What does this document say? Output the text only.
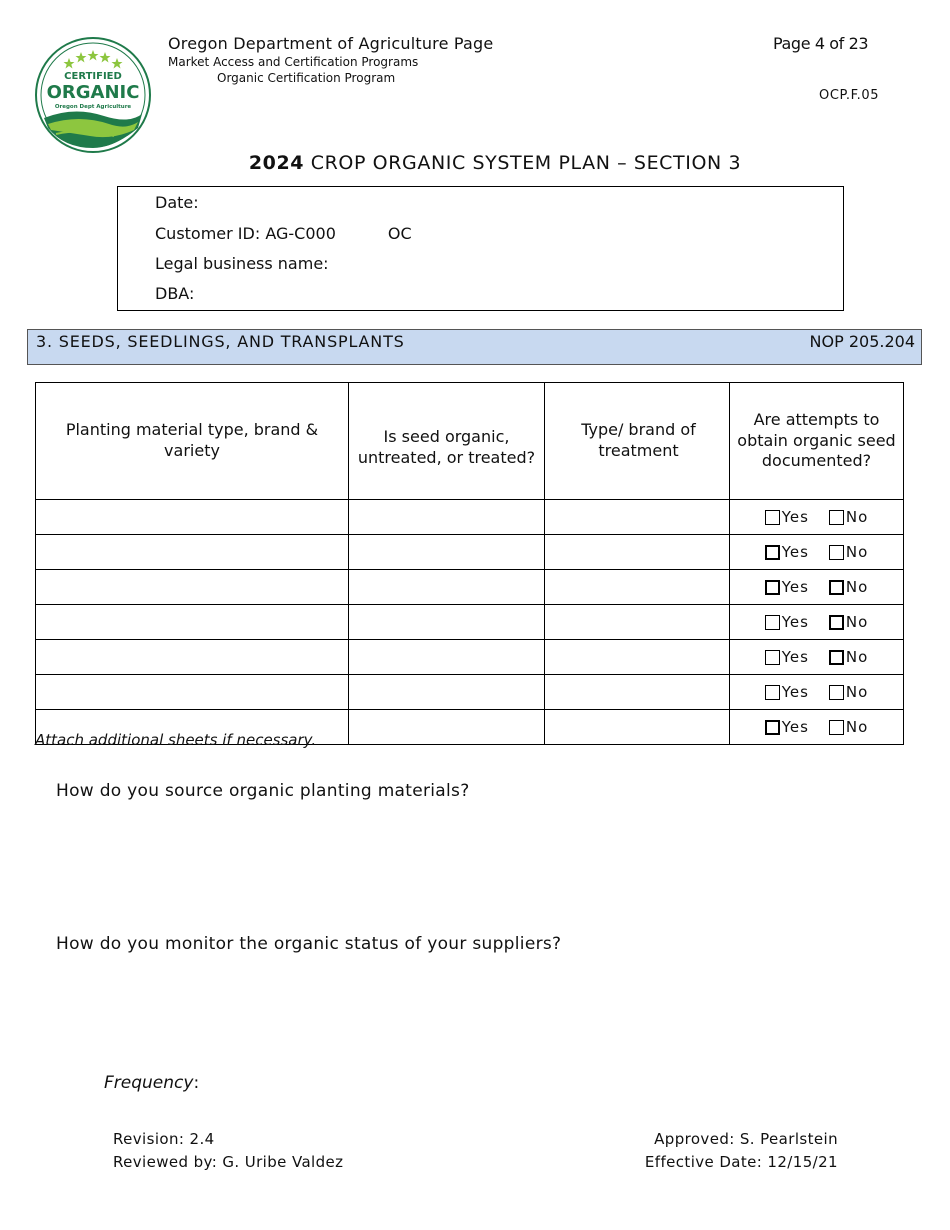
CERTIFIED
ORGANIC
Oregon Dept Agriculture
Oregon Department of Agriculture Page
Market Access and Certification Programs
Organic Certification Program
Page 4 of 23
OCP.F.05
2024 CROP ORGANIC SYSTEM PLAN – SECTION 3
Date:
Customer ID: AG-C000	OC
Legal business name:
DBA:
3. SEEDS, SEEDLINGS, AND TRANSPLANTS	NOP 205.204
Planting material type, brand & variety	Is seed organic, untreated, or treated?	Type/ brand of treatment	Are attempts to obtain organic seed documented?

			Yes No

			Yes No

			Yes No

			Yes No

			Yes No

			Yes No

			Yes No
Attach additional sheets if necessary.
How do you source organic planting materials?
How do you monitor the organic status of your suppliers?
Frequency:
Revision: 2.4
Reviewed by: G. Uribe Valdez
Approved: S. Pearlstein
Effective Date: 12/15/21
